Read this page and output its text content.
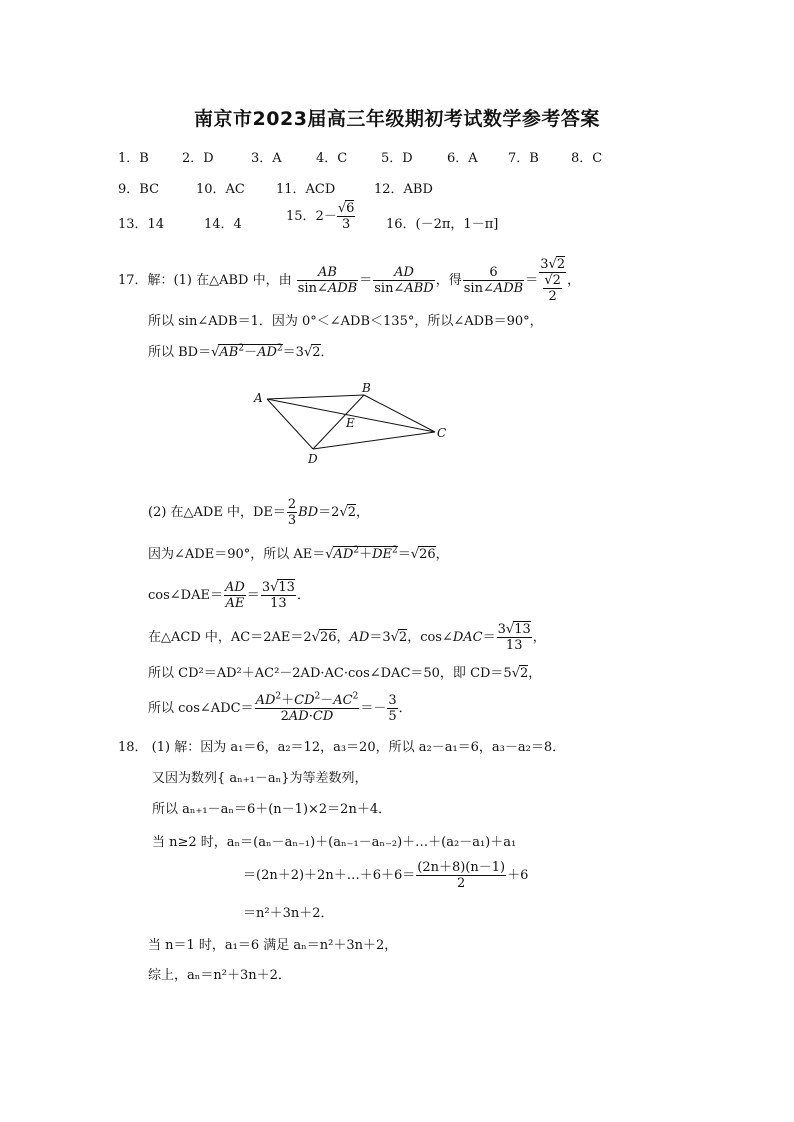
南京市2023届高三年级期初考试数学参考答案
1．B	2．D	3．A	4．C	5．D	6．A 7．B 8．C
9．BC	10．AC 11．ACD	12．ABD
13．14	14．4
15．$2- \frac{√6}{3} 16$．(－2π，1－π]
17．解：(1) 在△ABD 中，由 $\frac{AB}{\text{sin∠ADB}} = \frac{AD}{\text{sin∠ABD}}$ ，得 $\frac{6}{\text{sin∠ADB}} = \frac{3√2}{\frac{√2}{2}}$ ，
所以 sin∠ADB＝1．因为 0°＜∠ADB＜135°，所以∠ADB＝90°，
所以 $BD=√AB^2-AD^2=3√2$．
A
B
C
D
E
(2) 在△ADE 中，$DE= \frac{2}{3} BD=2√2$，
因为∠ADE＝90°，所以 $AE=√AD^2+DE^2=√26$，
cos∠DAE＝ $\frac{AD}{AE} = \frac{3√13}{13}$ ．
在△ACD 中，AC＝2AE＝2√26，AD＝3√2，cos∠DAC＝ $\frac{3√13}{13}$ ，
所以 CD²＝AD²＋AC²－2AD·AC·cos∠DAC＝50，即 CD＝5√2，
所以 cos∠ADC＝ $\frac{AD^2+CD^2-AC^2}{2AD\cdot CD} =- \frac{3}{5}$ ．
18． (1) 解：因为 a₁＝6，a₂＝12，a₃＝20，所以 a₂－a₁＝6，a₃－a₂＝8．
又因为数列{ aₙ₊₁－aₙ}为等差数列，
所以 aₙ₊₁－aₙ＝6＋(n－1)×2＝2n＋4．
当 n≥2 时，aₙ＝(aₙ－aₙ₋₁)＋(aₙ₋₁－aₙ₋₂)＋…＋(a₂－a₁)＋a₁
＝(2n＋2)＋2n＋…＋6＋6＝ $\frac{(2n+8)(n-1)}{2} +6$
＝n²＋3n＋2．
当 n＝1 时，a₁＝6 满足 aₙ＝n²＋3n＋2，
综上，aₙ＝n²＋3n＋2．
